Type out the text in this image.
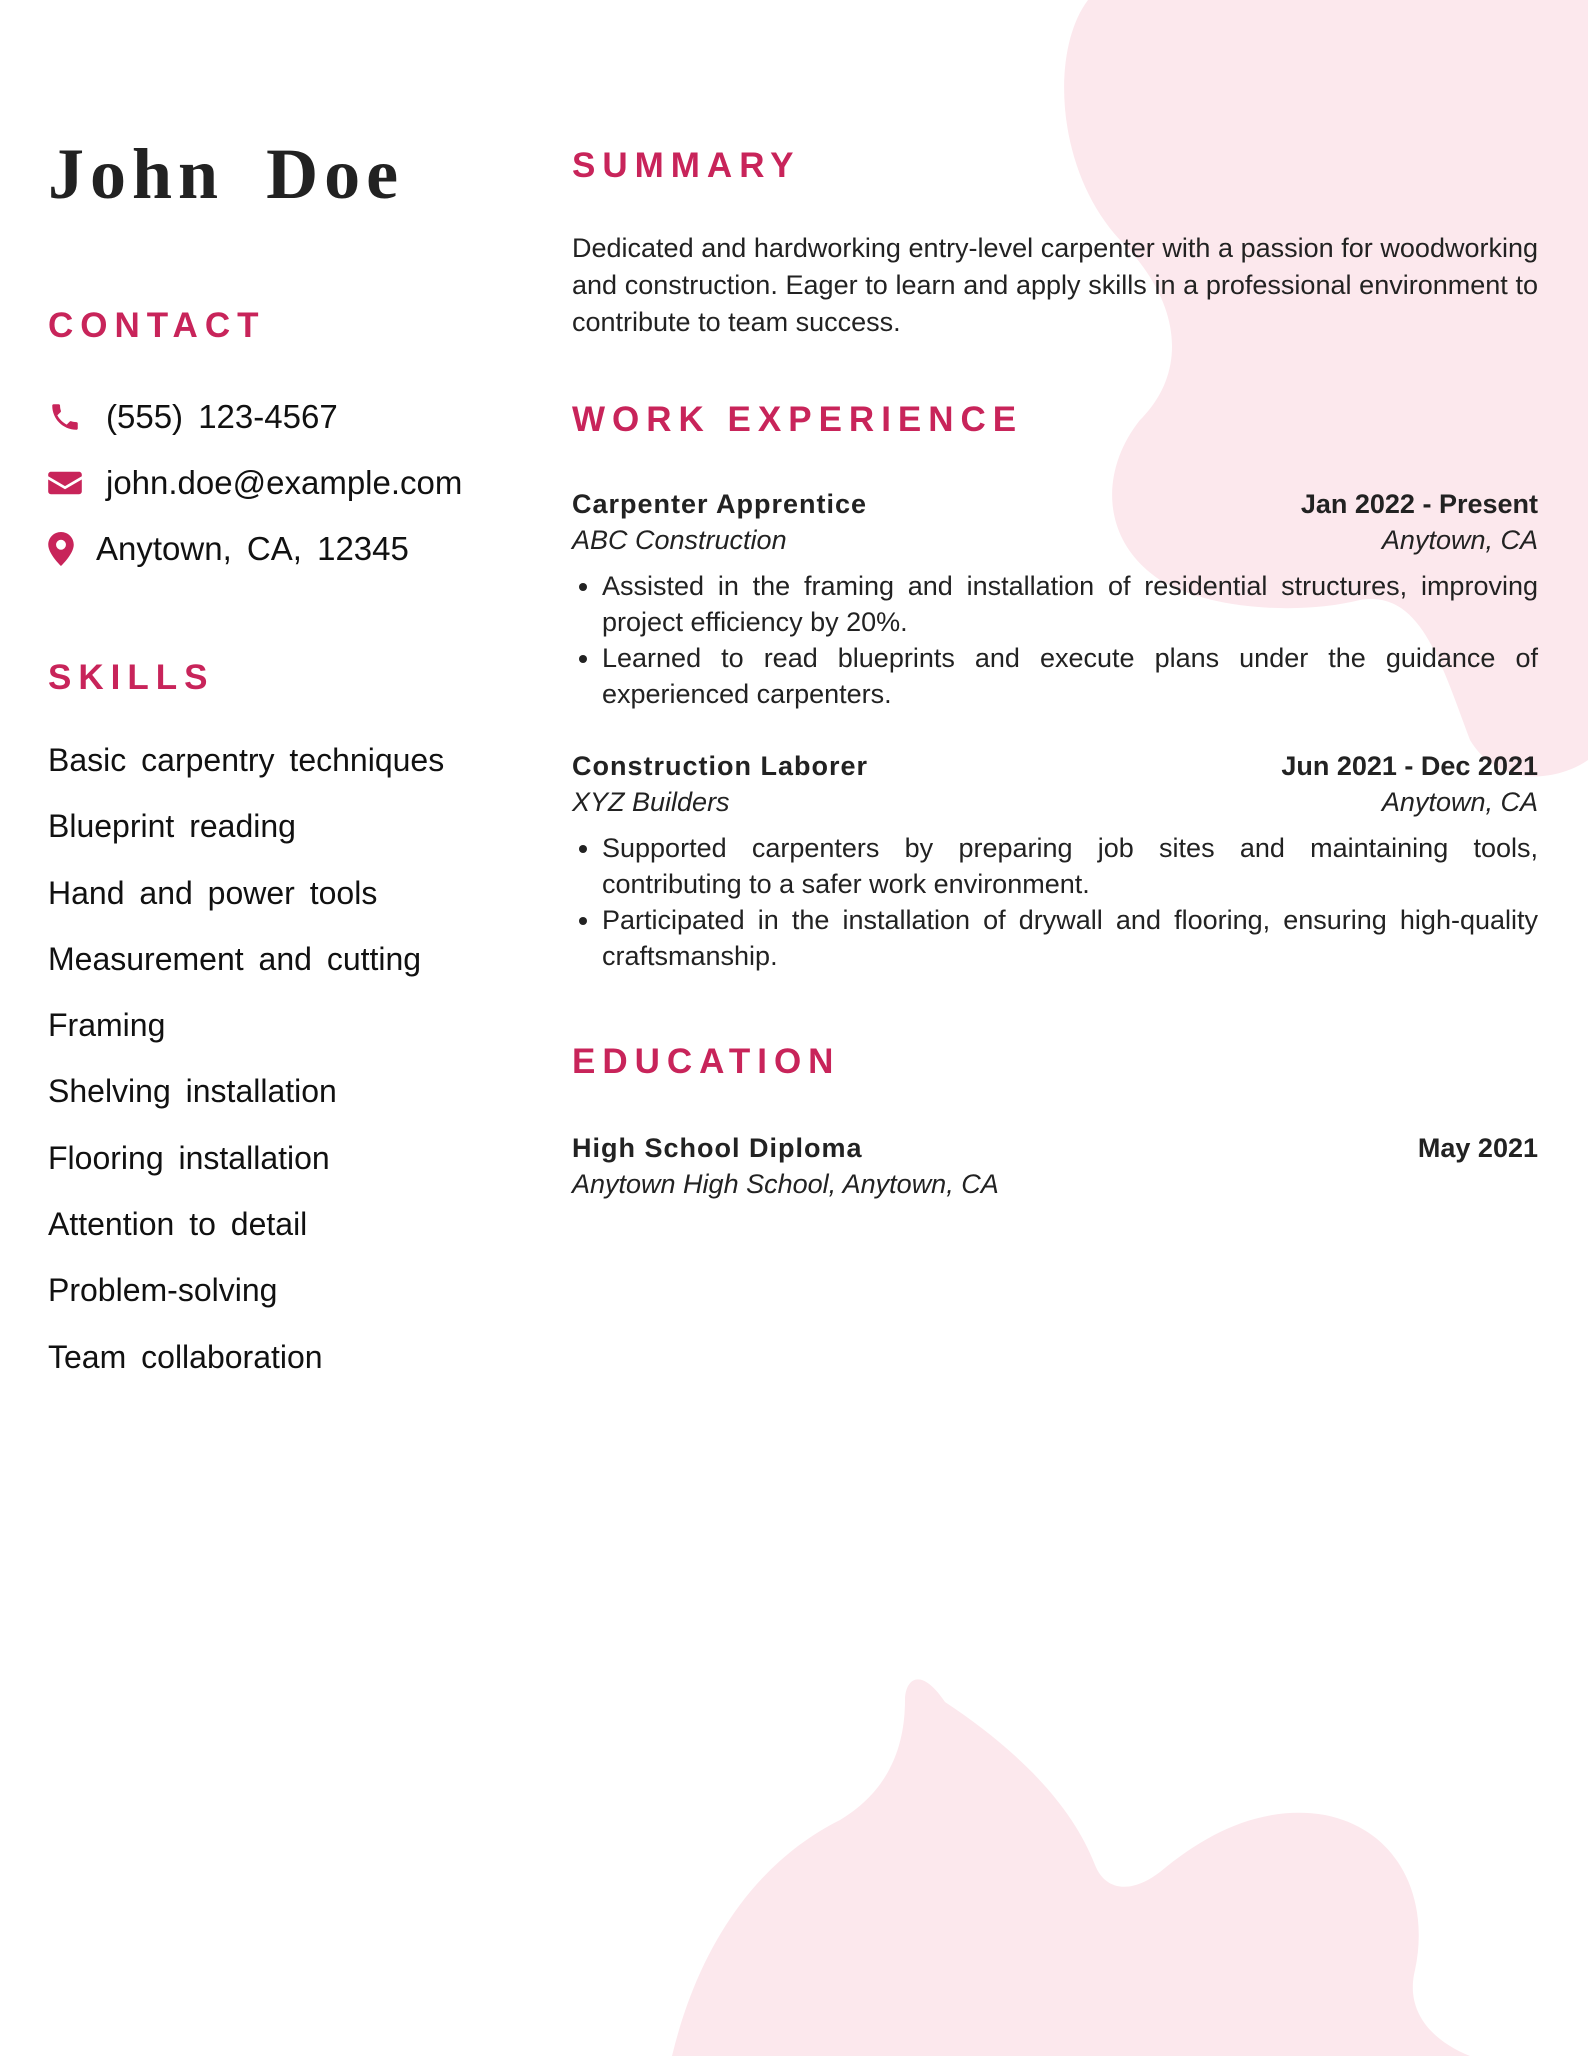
John Doe
CONTACT
(555) 123-4567
john.doe@example.com
Anytown, CA, 12345
SKILLS
Basic carpentry techniques
Blueprint reading
Hand and power tools
Measurement and cutting
Framing
Shelving installation
Flooring installation
Attention to detail
Problem-solving
Team collaboration
SUMMARY

Dedicated and hardworking entry-level carpenter with a passion for woodworking and construction. Eager to learn and apply skills in a professional environment to contribute to team success.

WORK EXPERIENCE
Carpenter Apprentice	Jan 2022 - Present
ABC Construction	Anytown, CA
• Assisted in the framing and installation of residential structures, improving project efficiency by 20%.
• Learned to read blueprints and execute plans under the guidance of experienced carpenters.
Construction Laborer	Jun 2021 - Dec 2021
XYZ Builders	Anytown, CA
• Supported carpenters by preparing job sites and maintaining tools, contributing to a safer work environment.
• Participated in the installation of drywall and flooring, ensuring high-quality craftsmanship.
EDUCATION
High School Diploma	May 2021
Anytown High School, Anytown, CA
